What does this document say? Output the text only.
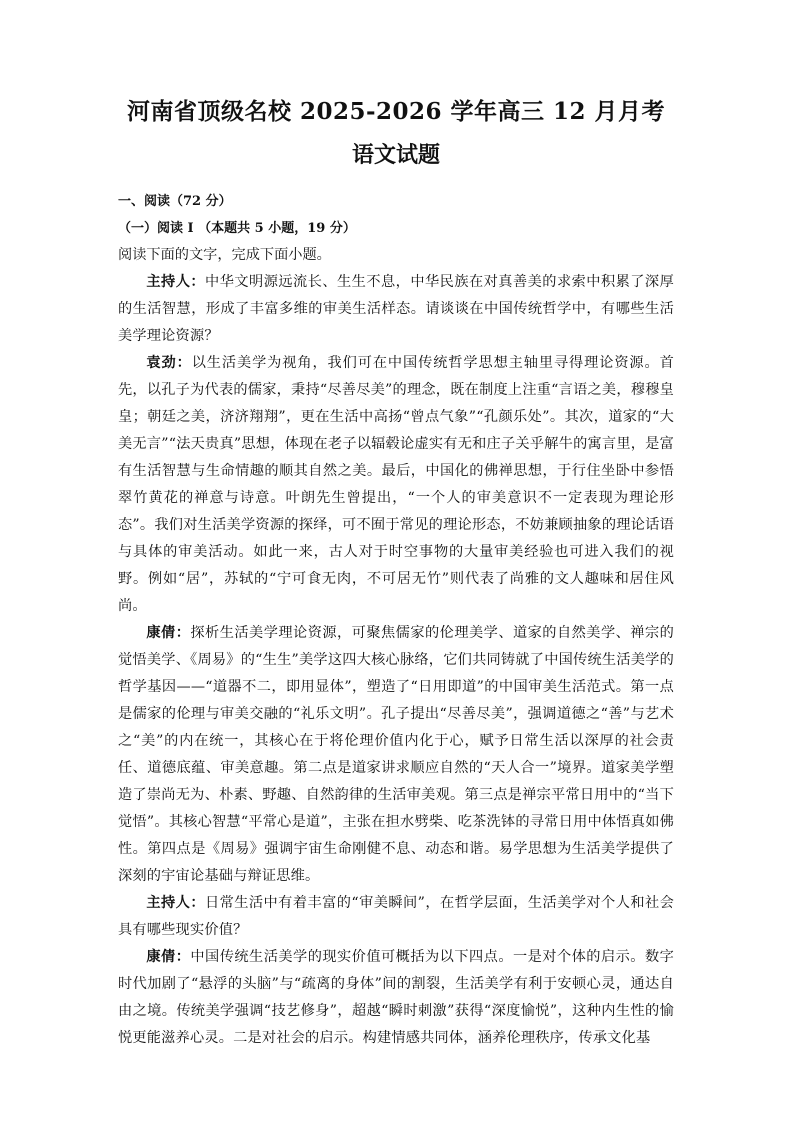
河南省顶级名校 2025-2026 学年高三 12 月月考
语文试题
一、阅读（72 分）
（一）阅读 I （本题共 5 小题，19 分）
阅读下面的文字，完成下面小题。

主持人：中华文明源远流长、生生不息，中华民族在对真善美的求索中积累了深厚的生活智慧，形成了丰富多维的审美生活样态。请谈谈在中国传统哲学中，有哪些生活美学理论资源？

袁劲：以生活美学为视角，我们可在中国传统哲学思想主轴里寻得理论资源。首先，以孔子为代表的儒家，秉持“尽善尽美”的理念，既在制度上注重“言语之美，穆穆皇皇；朝廷之美，济济翔翔”，更在生活中高扬“曾点气象”“孔颜乐处”。其次，道家的“大美无言”“法天贵真”思想，体现在老子以辐毂论虚实有无和庄子关乎解牛的寓言里，是富有生活智慧与生命情趣的顺其自然之美。最后，中国化的佛禅思想，于行住坐卧中参悟翠竹黄花的禅意与诗意。叶朗先生曾提出，“一个人的审美意识不一定表现为理论形态”。我们对生活美学资源的探绎，可不囿于常见的理论形态，不妨兼顾抽象的理论话语与具体的审美活动。如此一来，古人对于时空事物的大量审美经验也可进入我们的视野。例如“居”，苏轼的“宁可食无肉，不可居无竹”则代表了尚雅的文人趣味和居住风尚。

康倩：探析生活美学理论资源，可聚焦儒家的伦理美学、道家的自然美学、禅宗的觉悟美学、《周易》的“生生”美学这四大核心脉络，它们共同铸就了中国传统生活美学的哲学基因——“道器不二，即用显体”，塑造了“日用即道”的中国审美生活范式。第一点是儒家的伦理与审美交融的“礼乐文明”。孔子提出“尽善尽美”，强调道德之“善”与艺术之“美”的内在统一，其核心在于将伦理价值内化于心，赋予日常生活以深厚的社会责任、道德底蕴、审美意趣。第二点是道家讲求顺应自然的“天人合一”境界。道家美学塑造了崇尚无为、朴素、野趣、自然韵律的生活审美观。第三点是禅宗平常日用中的“当下觉悟”。其核心智慧“平常心是道”，主张在担水劈柴、吃茶洗钵的寻常日用中体悟真如佛性。第四点是《周易》强调宇宙生命刚健不息、动态和谐。易学思想为生活美学提供了深刻的宇宙论基础与辩证思维。

主持人：日常生活中有着丰富的“审美瞬间”，在哲学层面，生活美学对个人和社会具有哪些现实价值？

康倩：中国传统生活美学的现实价值可概括为以下四点。一是对个体的启示。数字时代加剧了“悬浮的头脑”与“疏离的身体”间的割裂，生活美学有利于安顿心灵，通达自由之境。传统美学强调“技艺修身”，超越“瞬时刺激”获得“深度愉悦”，这种内生性的愉悦更能滋养心灵。二是对社会的启示。构建情感共同体，涵养伦理秩序，传承文化基
